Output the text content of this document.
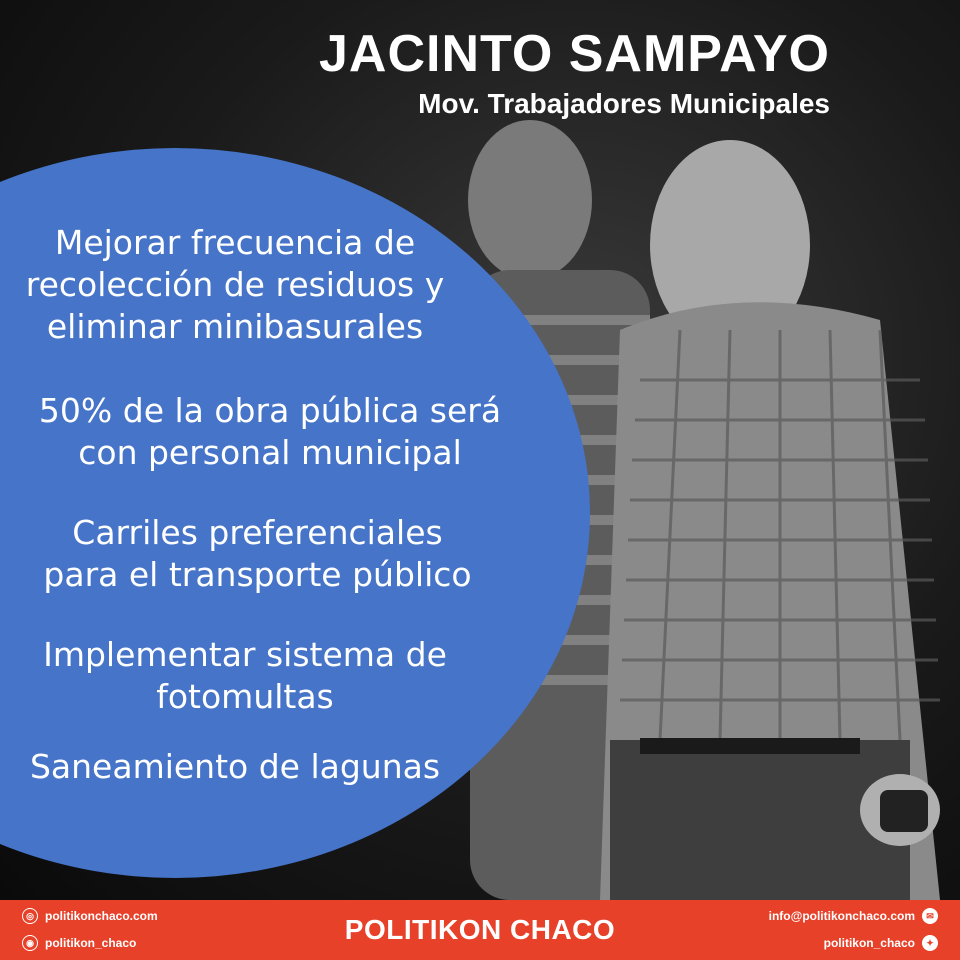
JACINTO SAMPAYO
Mov. Trabajadores Municipales
Mejorar frecuencia de
recolección de residuos y
eliminar minibasurales
50% de la obra pública será
con personal municipal
Carriles preferenciales
para el transporte público
Implementar sistema de
fotomultas
Saneamiento de lagunas
◎ politikonchaco.com
◉ politikon_chaco	POLITIKON CHACO	info@politikonchaco.com	✉
politikon_chaco	✦
